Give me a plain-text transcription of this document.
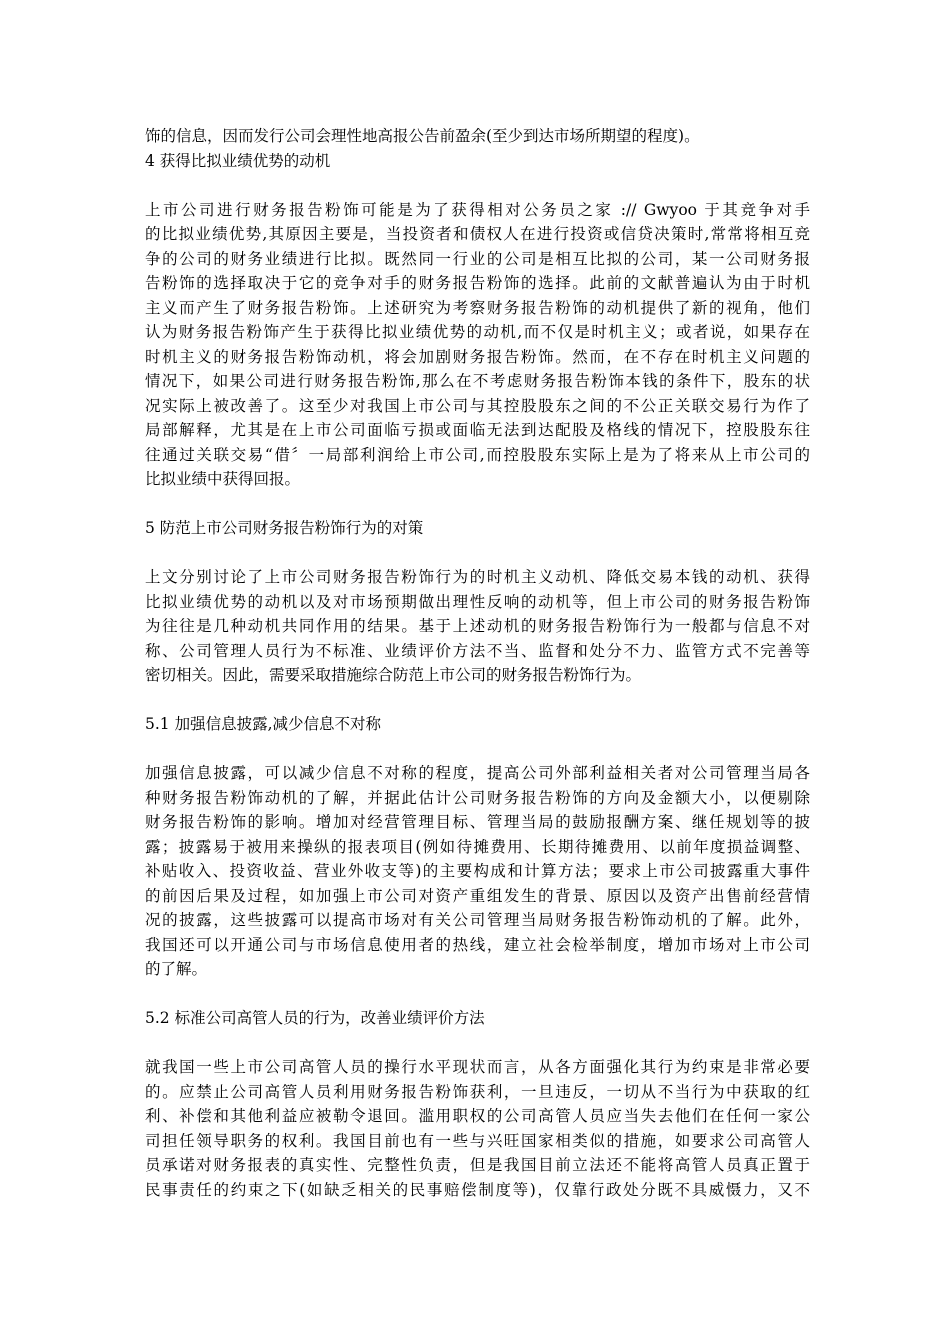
饰的信息，因而发行公司会理性地高报公告前盈余(至少到达市场所期望的程度)。
4 获得比拟业绩优势的动机
上市公司进行财务报告粉饰可能是为了获得相对公务员之家 :// Gwyoo 于其竞争对手
的比拟业绩优势,其原因主要是，当投资者和债权人在进行投资或信贷决策时,常常将相互竞
争的公司的财务业绩进行比拟。既然同一行业的公司是相互比拟的公司，某一公司财务报
告粉饰的选择取决于它的竞争对手的财务报告粉饰的选择。此前的文献普遍认为由于时机
主义而产生了财务报告粉饰。上述研究为考察财务报告粉饰的动机提供了新的视角，他们
认为财务报告粉饰产生于获得比拟业绩优势的动机,而不仅是时机主义；或者说，如果存在
时机主义的财务报告粉饰动机，将会加剧财务报告粉饰。然而，在不存在时机主义问题的
情况下，如果公司进行财务报告粉饰,那么在不考虑财务报告粉饰本钱的条件下，股东的状
况实际上被改善了。这至少对我国上市公司与其控股股东之间的不公正关联交易行为作了
局部解释，尤其是在上市公司面临亏损或面临无法到达配股及格线的情况下，控股股东往
往通过关联交易“借〞一局部利润给上市公司,而控股股东实际上是为了将来从上市公司的
比拟业绩中获得回报。
5 防范上市公司财务报告粉饰行为的对策
上文分别讨论了上市公司财务报告粉饰行为的时机主义动机、降低交易本钱的动机、获得
比拟业绩优势的动机以及对市场预期做出理性反响的动机等，但上市公司的财务报告粉饰
为往往是几种动机共同作用的结果。基于上述动机的财务报告粉饰行为一般都与信息不对
称、公司管理人员行为不标准、业绩评价方法不当、监督和处分不力、监管方式不完善等
密切相关。因此，需要采取措施综合防范上市公司的财务报告粉饰行为。
5.1 加强信息披露,减少信息不对称
加强信息披露，可以减少信息不对称的程度，提高公司外部利益相关者对公司管理当局各
种财务报告粉饰动机的了解，并据此估计公司财务报告粉饰的方向及金额大小，以便剔除
财务报告粉饰的影响。增加对经营管理目标、管理当局的鼓励报酬方案、继任规划等的披
露；披露易于被用来操纵的报表项目(例如待摊费用、长期待摊费用、以前年度损益调整、
补贴收入、投资收益、营业外收支等)的主要构成和计算方法；要求上市公司披露重大事件
的前因后果及过程，如加强上市公司对资产重组发生的背景、原因以及资产出售前经营情
况的披露，这些披露可以提高市场对有关公司管理当局财务报告粉饰动机的了解。此外，
我国还可以开通公司与市场信息使用者的热线，建立社会检举制度，增加市场对上市公司
的了解。
5.2 标准公司高管人员的行为，改善业绩评价方法
就我国一些上市公司高管人员的操行水平现状而言，从各方面强化其行为约束是非常必要
的。应禁止公司高管人员利用财务报告粉饰获利，一旦违反，一切从不当行为中获取的红
利、补偿和其他利益应被勒令退回。滥用职权的公司高管人员应当失去他们在任何一家公
司担任领导职务的权利。我国目前也有一些与兴旺国家相类似的措施，如要求公司高管人
员承诺对财务报表的真实性、完整性负责，但是我国目前立法还不能将高管人员真正置于
民事责任的约束之下(如缺乏相关的民事赔偿制度等)，仅靠行政处分既不具威慑力，又不
